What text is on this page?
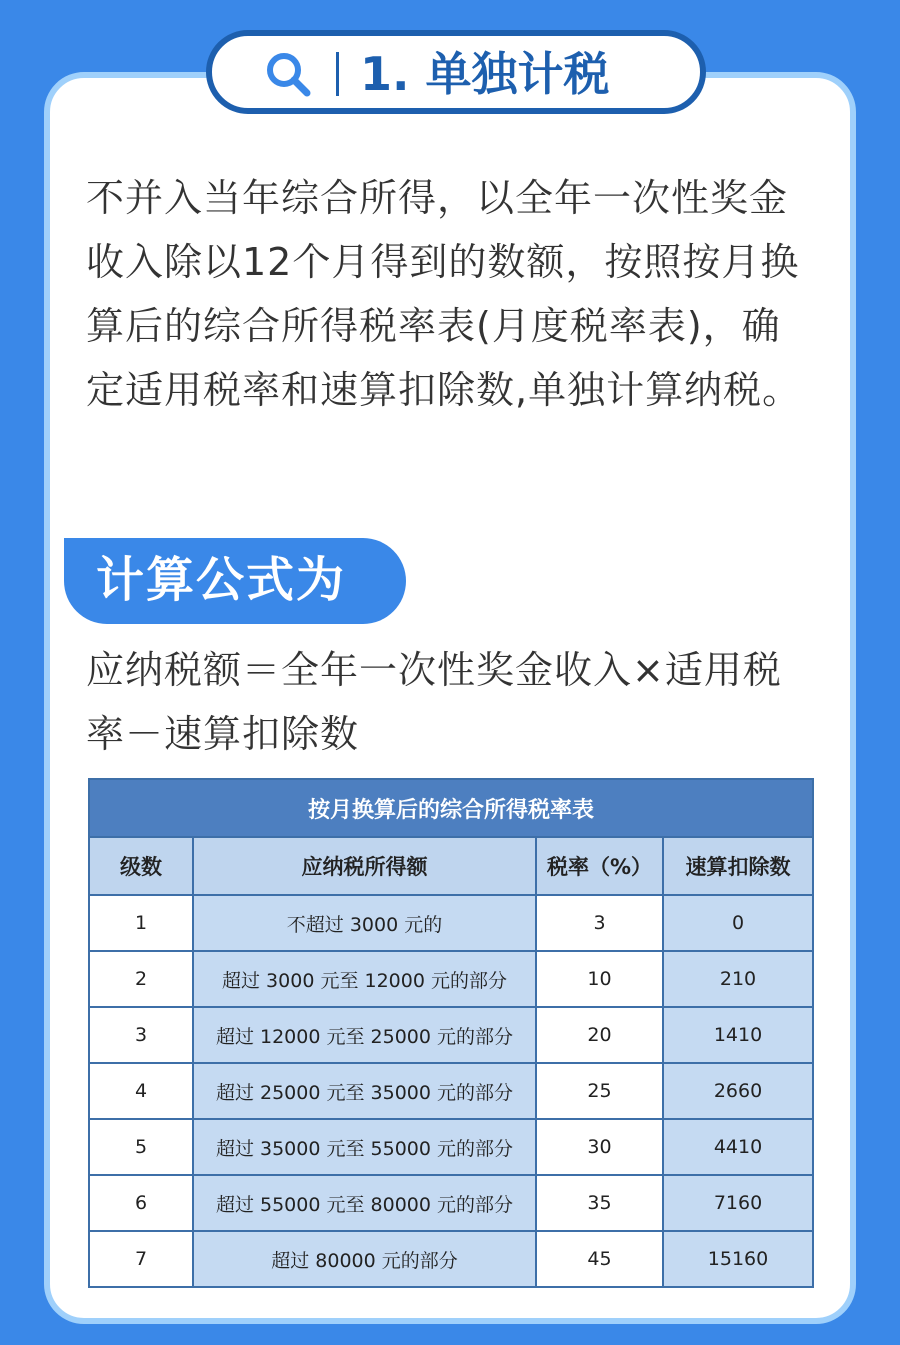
1. 单独计税
不并入当年综合所得，以全年一次性奖金收入除以12个月得到的数额，按照按月换算后的综合所得税率表(月度税率表)，确定适用税率和速算扣除数,单独计算纳税。
计算公式为
应纳税额＝全年一次性奖金收入×适用税率－速算扣除数
按月换算后的综合所得税率表			
级数	应纳税所得额	税率（%）	速算扣除数
1	不超过 3000 元的	3	0
2	超过 3000 元至 12000 元的部分	10	210
3	超过 12000 元至 25000 元的部分	20	1410
4	超过 25000 元至 35000 元的部分	25	2660
5	超过 35000 元至 55000 元的部分	30	4410
6	超过 55000 元至 80000 元的部分	35	7160
7	超过 80000 元的部分	45	15160
